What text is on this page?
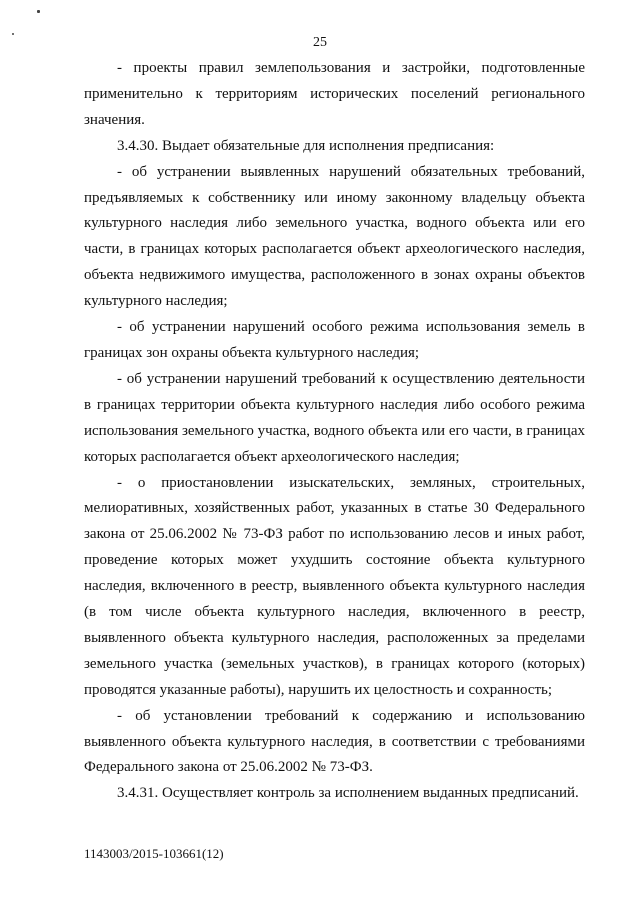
25

- проекты правил землепользования и застройки, подготовленные применительно к территориям исторических поселений регионального значения.

3.4.30. Выдает обязательные для исполнения предписания:

- об устранении выявленных нарушений обязательных требований, предъявляемых к собственнику или иному законному владельцу объекта культурного наследия либо земельного участка, водного объекта или его части, в границах которых располагается объект археологического наследия, объекта недвижимого имущества, расположенного в зонах охраны объектов культурного наследия;

- об устранении нарушений особого режима использования земель в границах зон охраны объекта культурного наследия;

- об устранении нарушений требований к осуществлению деятельности в границах территории объекта культурного наследия либо особого режима использования земельного участка, водного объекта или его части, в границах которых располагается объект археологического наследия;

- о приостановлении изыскательских, земляных, строительных, мелиоративных, хозяйственных работ, указанных в статье 30 Федерального закона от 25.06.2002 № 73-ФЗ работ по использованию лесов и иных работ, проведение которых может ухудшить состояние объекта культурного наследия, включенного в реестр, выявленного объекта культурного наследия (в том числе объекта культурного наследия, включенного в реестр, выявленного объекта культурного наследия, расположенных за пределами земельного участка (земельных участков), в границах которого (которых) проводятся указанные работы), нарушить их целостность и сохранность;

- об установлении требований к содержанию и использованию выявленного объекта культурного наследия, в соответствии с требованиями Федерального закона от 25.06.2002 № 73-ФЗ.

3.4.31. Осуществляет контроль за исполнением выданных предписаний.

1143003/2015-103661(12)
